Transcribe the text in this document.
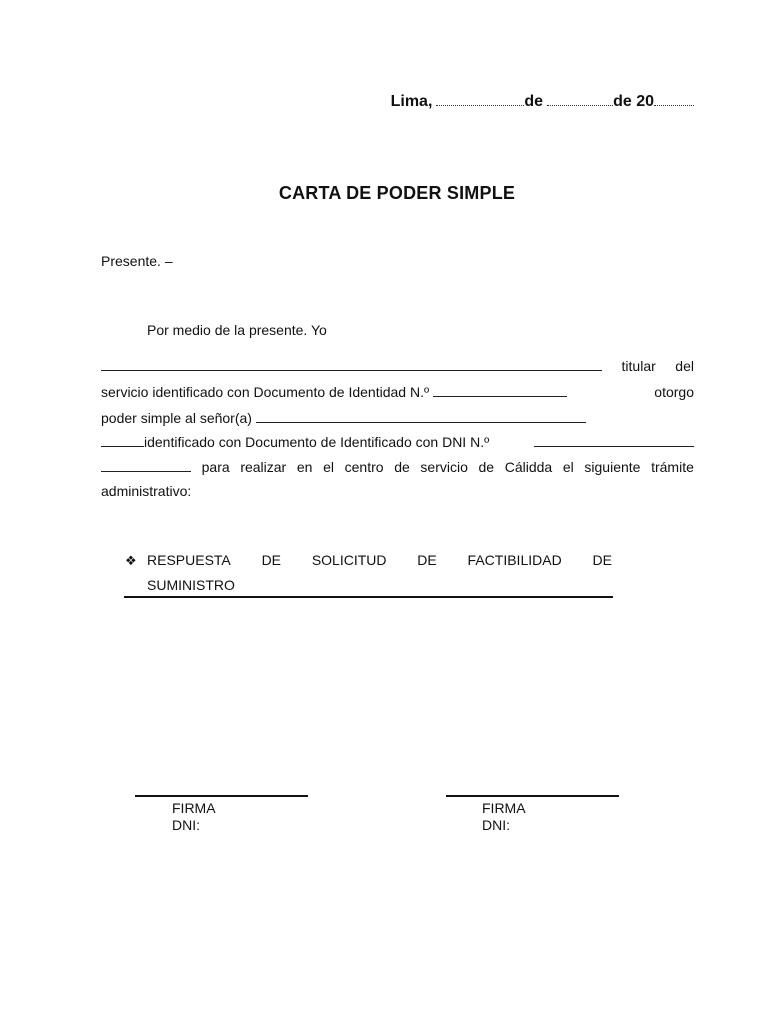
Lima,	de	de 20
CARTA DE PODER SIMPLE
Presente. –
Por medio de la presente. Yo
titular del
servicio identificado con Documento de Identidad N.º	otorgo
poder simple al señor(a)
identificado con Documento de Identificado con DNI N.º
para realizar en el centro de servicio de Cálidda el siguiente trámite
administrativo:
❖ RESPUESTA DE SOLICITUD DE FACTIBILIDAD DE
SUMINISTRO
FIRMA
DNI:
FIRMA
DNI:
